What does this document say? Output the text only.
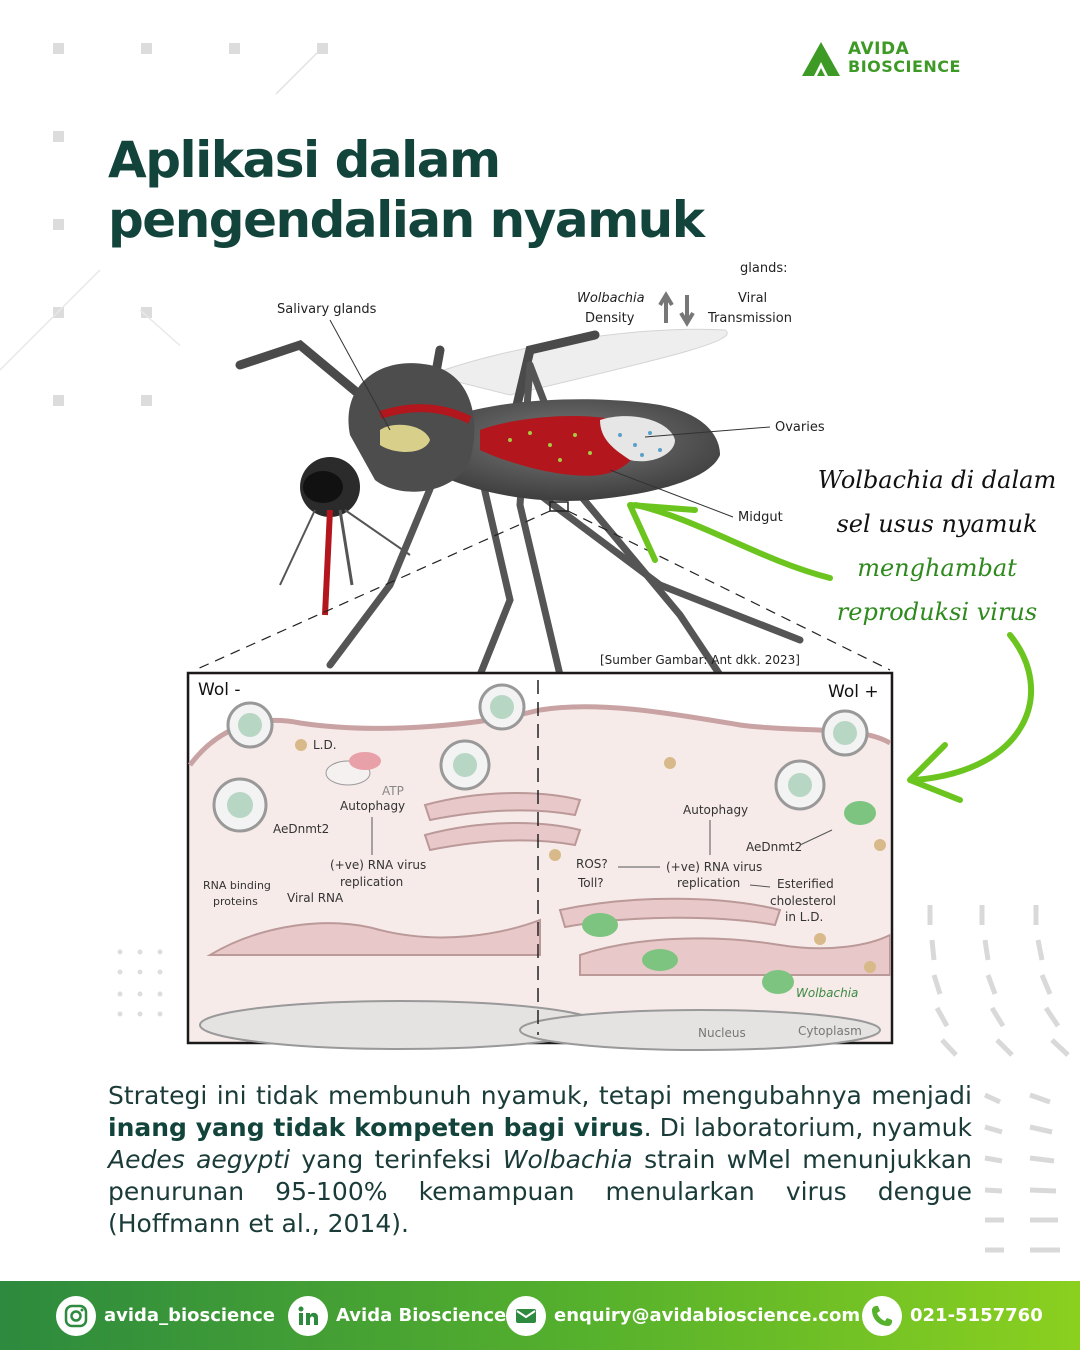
AVIDA
BIOSCIENCE
Aplikasi dalam
pengendalian nyamuk
glands:
Salivary glands
Wolbachia
Density
Viral
Transmission
Ovaries
Midgut
[Sumber Gambar: Ant dkk. 2023]
Wol -	Wol +
L.D.
ATP
Autophagy
AeDnmt2
(+ve) RNA virus
replication
RNA binding
proteins Viral RNA
Autophagy
AeDnmt2
ROS?
Toll?
(+ve) RNA virus
replication	Esterified
cholesterol
in L.D.
Wolbachia
Nucleus	Cytoplasm
Wolbachia di dalam
sel usus nyamuk
menghambat
reproduksi virus

Strategi ini tidak membunuh nyamuk, tetapi mengubahnya menjadi inang yang tidak kompeten bagi virus. Di laboratorium, nyamuk Aedes aegypti yang terinfeksi Wolbachia strain wMel menunjukkan penurunan 95-100% kemampuan menularkan virus dengue (Hoffmann et al., 2014).

avida_bioscience	Avida Bioscience	enquiry@avidabioscience.com	021-5157760
